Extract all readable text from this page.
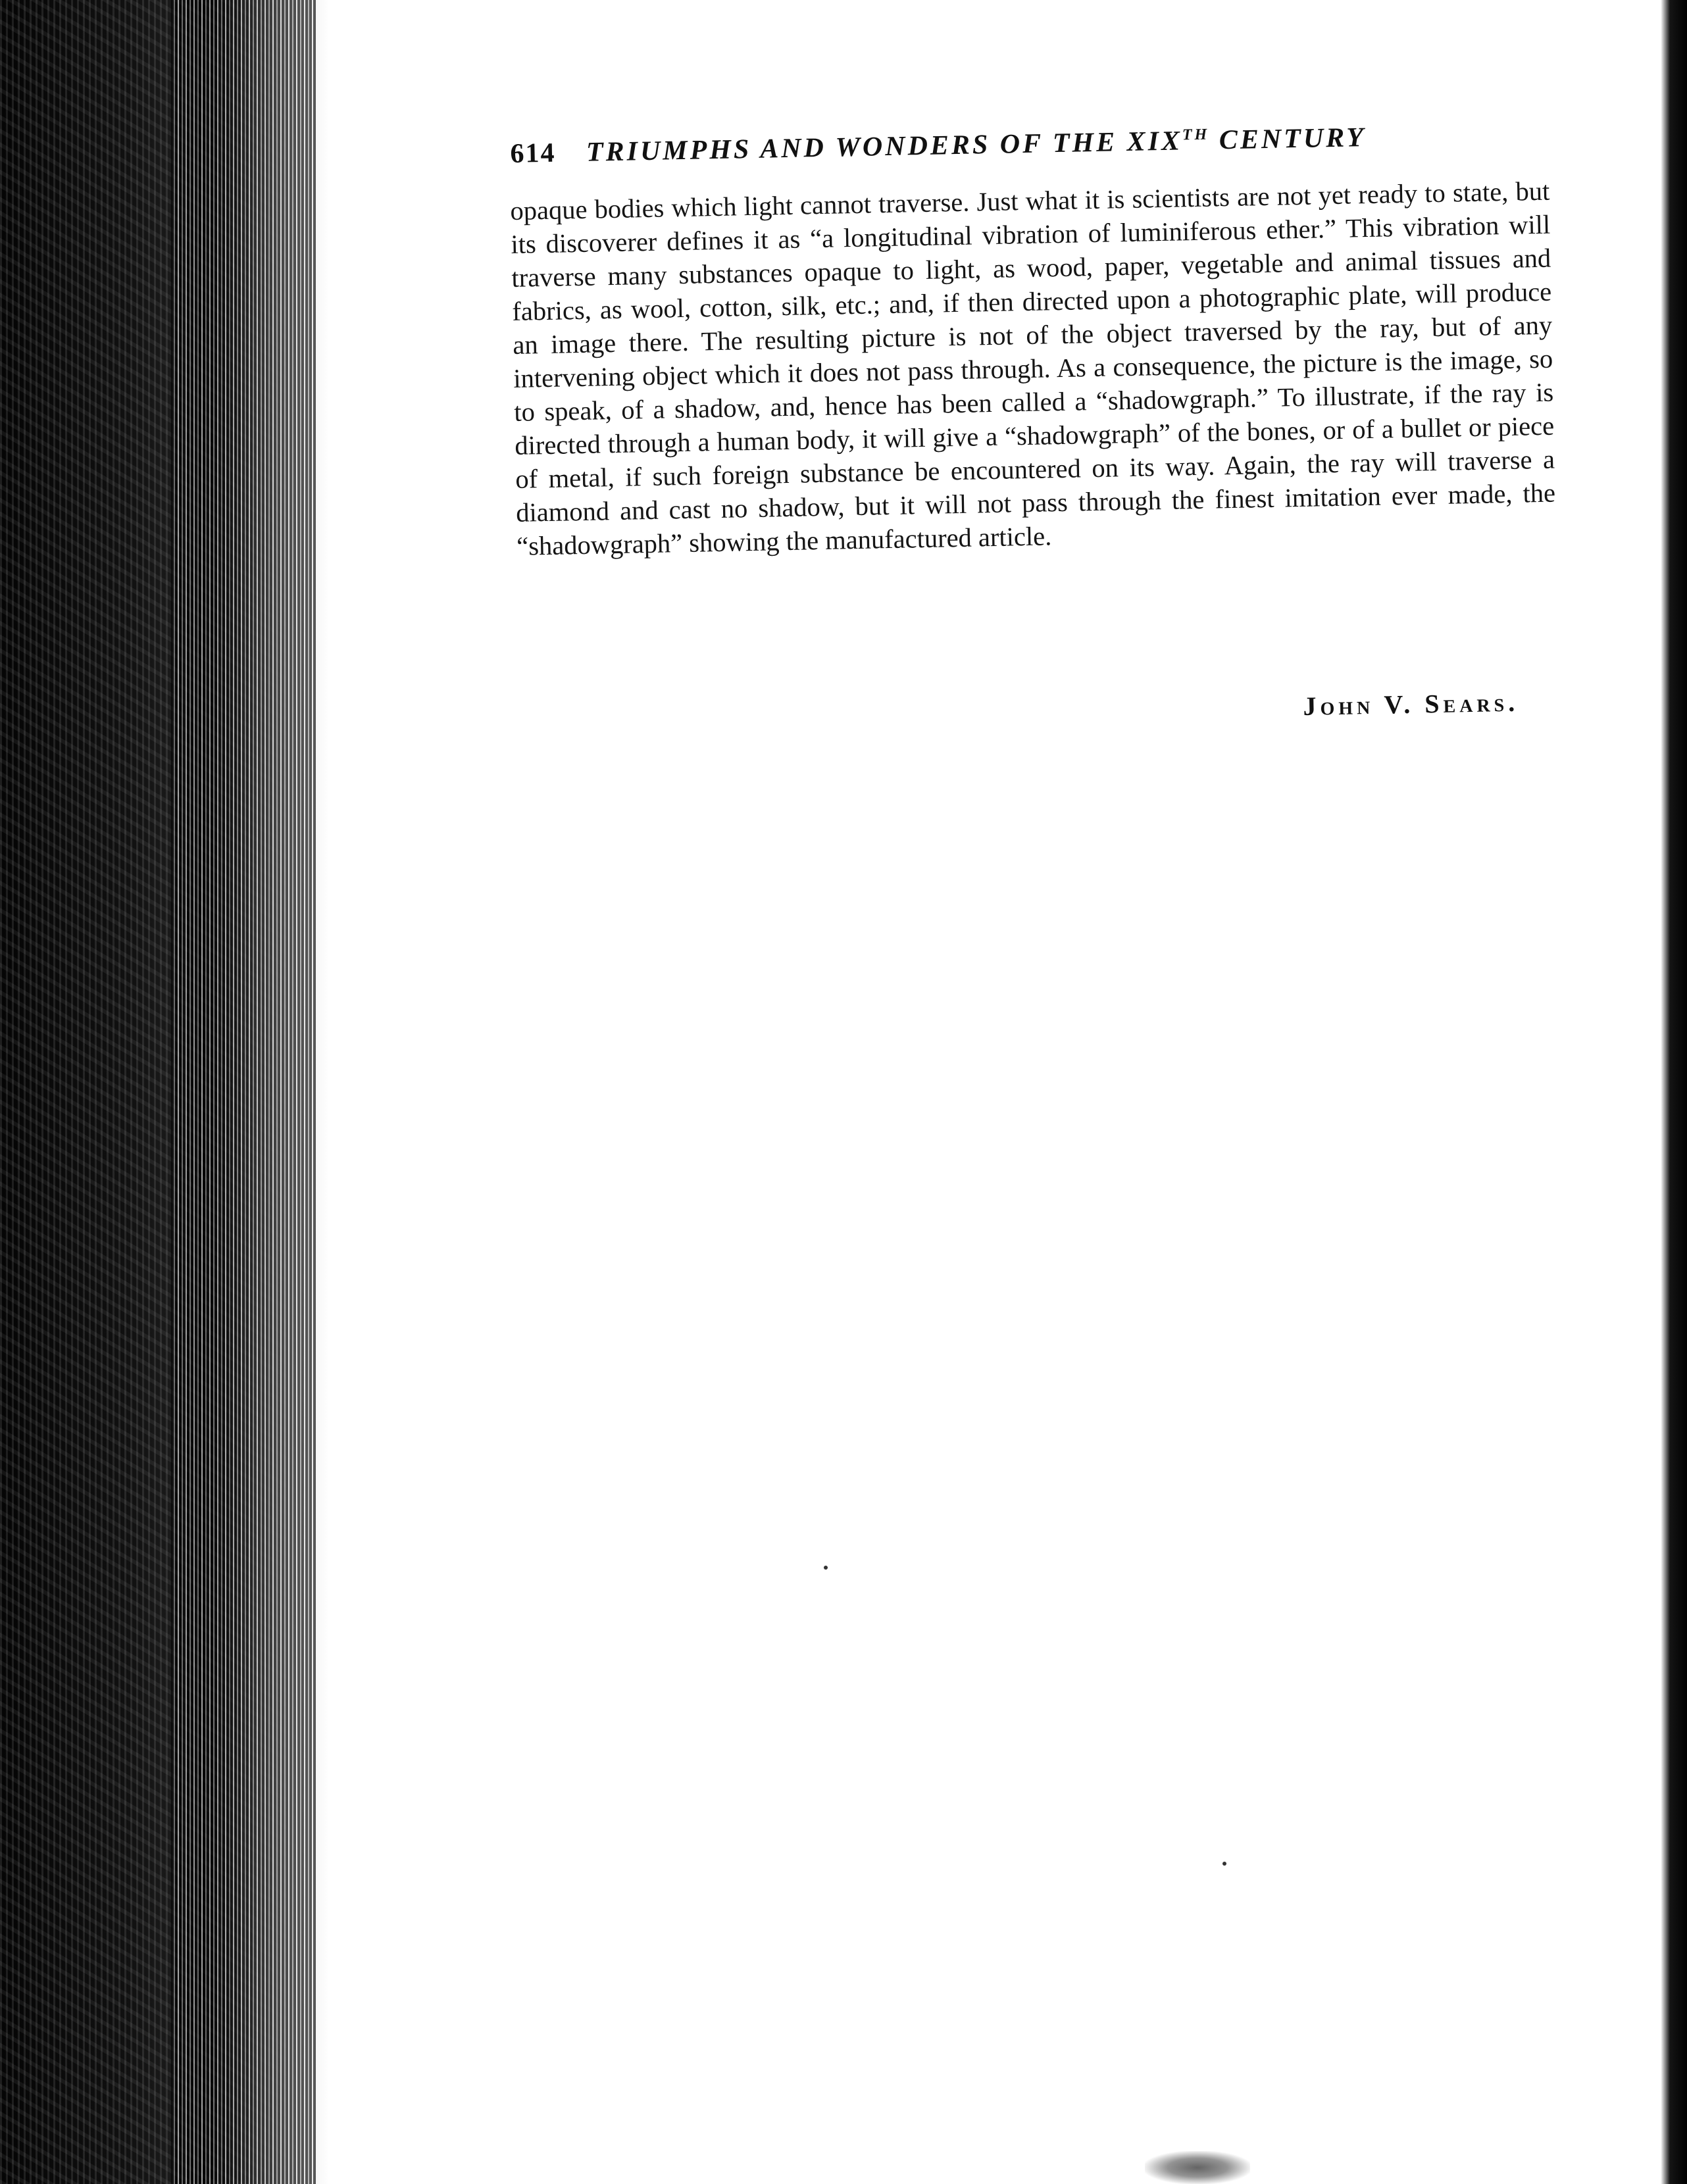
614 TRIUMPHS AND WONDERS OF THE XIXTH CENTURY
opaque bodies which light cannot traverse. Just what it is scientists are not yet ready to state, but its discoverer defines it as “a longitudinal vibration of luminiferous ether.” This vibration will traverse many substances opaque to light, as wood, paper, vegetable and animal tissues and fabrics, as wool, cotton, silk, etc.; and, if then directed upon a photographic plate, will produce an image there. The resulting picture is not of the object traversed by the ray, but of any intervening object which it does not pass through. As a consequence, the picture is the image, so to speak, of a shadow, and, hence has been called a “shadowgraph.” To illustrate, if the ray is directed through a human body, it will give a “shadowgraph” of the bones, or of a bullet or piece of metal, if such foreign substance be encountered on its way. Again, the ray will traverse a diamond and cast no shadow, but it will not pass through the finest imitation ever made, the “shadowgraph” showing the manufactured article.
John V. Sears.
